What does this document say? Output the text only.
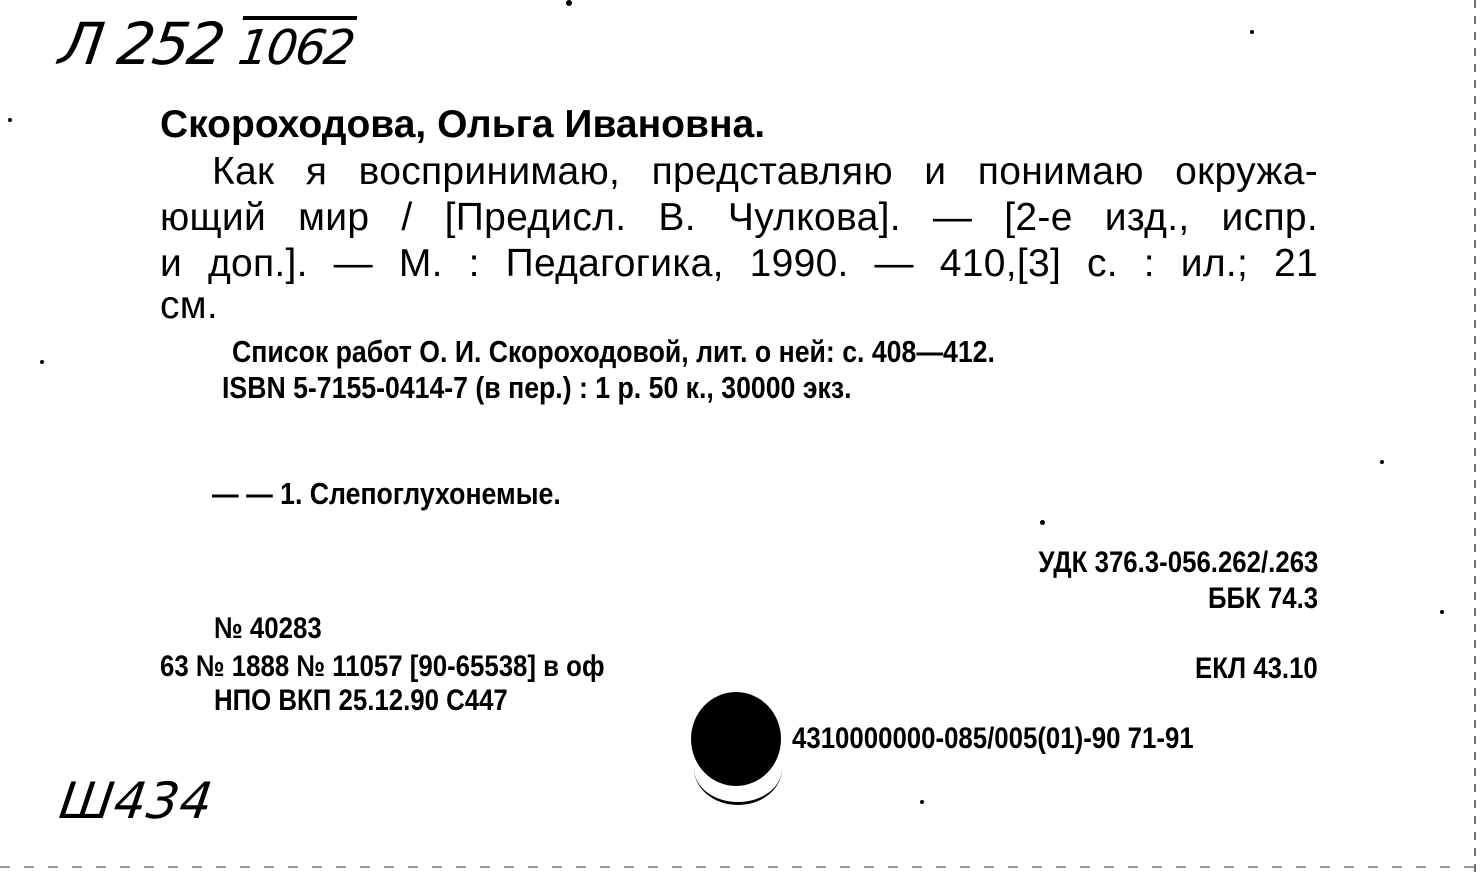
Л 252 1062
Скороходова, Ольга Ивановна.
Как я воспринимаю, представляю и понимаю окружа-
ющий мир / [Предисл. В. Чулкова]. — [2-е изд., испр.
и доп.]. — М. : Педагогика, 1990. — 410,[3] с. : ил.; 21
см.
Список работ О. И. Скороходовой, лит. о ней: с. 408—412.
ISBN 5-7155-0414-7 (в пер.) : 1 р. 50 к., 30000 экз.
— — 1. Слепоглухонемые.
УДК 376.3-056.262/.263
ББК 74.3
№ 40283
63 № 1888 № 11057 [90-65538] в оф
НПО ВКП 25.12.90 С447
ЕКЛ 43.10
4310000000-085/005(01)-90 71-91
Ш434
